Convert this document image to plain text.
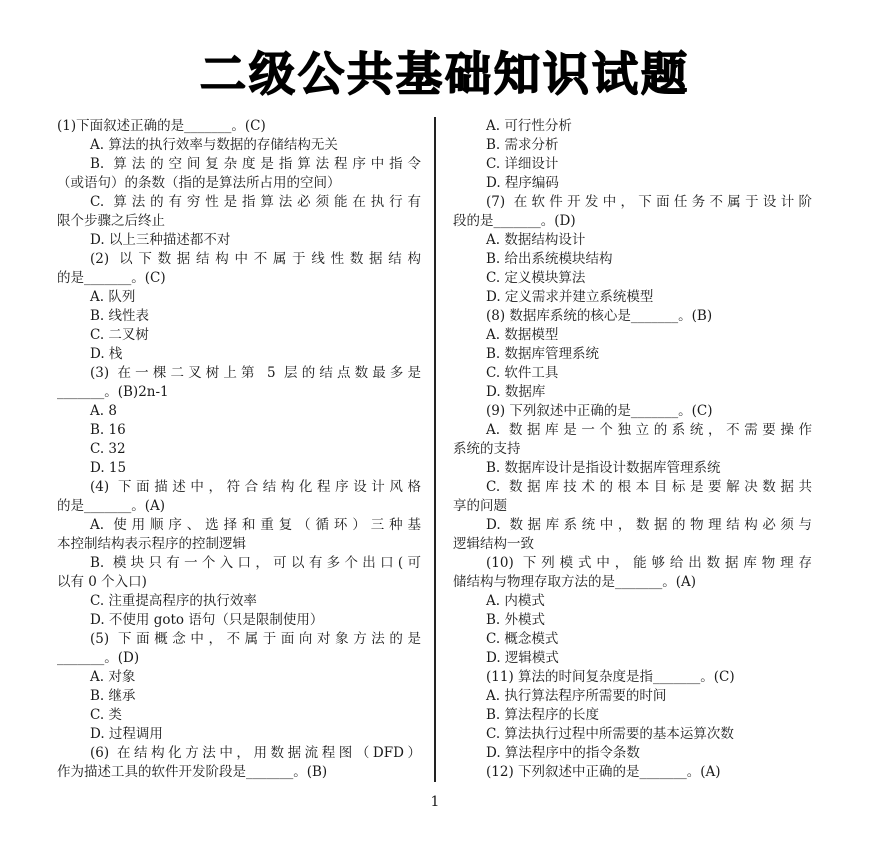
二级公共基础知识试题
(1)下面叙述正确的是_______。(C)
A. 算法的执行效率与数据的存储结构无关
B. 算法的空间复杂度是指算法程序中指令
（或语句）的条数（指的是算法所占用的空间）
C. 算法的有穷性是指算法必须能在执行有
限个步骤之后终止
D. 以上三种描述都不对
(2) 以下数据结构中不属于线性数据结构
的是_______。(C)
A. 队列
B. 线性表
C. 二叉树
D. 栈
(3) 在一棵二叉树上第 5 层的结点数最多是
_______。(B)2n-1
A. 8
B. 16
C. 32
D. 15
(4) 下面描述中，符合结构化程序设计风格
的是_______。(A)
A. 使用顺序、选择和重复（循环）三种基
本控制结构表示程序的控制逻辑
B. 模块只有一个入口，可以有多个出口(可
以有 0 个入口)
C. 注重提高程序的执行效率
D. 不使用 goto 语句（只是限制使用）
(5) 下面概念中，不属于面向对象方法的是
_______。(D)
A. 对象
B. 继承
C. 类
D. 过程调用
(6) 在结构化方法中，用数据流程图（DFD）
作为描述工具的软件开发阶段是_______。(B)
A. 可行性分析
B. 需求分析
C. 详细设计
D. 程序编码
(7) 在软件开发中，下面任务不属于设计阶
段的是_______。(D)
A. 数据结构设计
B. 给出系统模块结构
C. 定义模块算法
D. 定义需求并建立系统模型
(8) 数据库系统的核心是_______。(B)
A. 数据模型
B. 数据库管理系统
C. 软件工具
D. 数据库
(9) 下列叙述中正确的是_______。(C)
A. 数据库是一个独立的系统，不需要操作
系统的支持
B. 数据库设计是指设计数据库管理系统
C. 数据库技术的根本目标是要解决数据共
享的问题
D. 数据库系统中，数据的物理结构必须与
逻辑结构一致
(10) 下列模式中，能够给出数据库物理存
储结构与物理存取方法的是_______。(A)
A. 内模式
B. 外模式
C. 概念模式
D. 逻辑模式
(11) 算法的时间复杂度是指_______。(C)
A. 执行算法程序所需要的时间
B. 算法程序的长度
C. 算法执行过程中所需要的基本运算次数
D. 算法程序中的指令条数
(12) 下列叙述中正确的是_______。(A)
1
